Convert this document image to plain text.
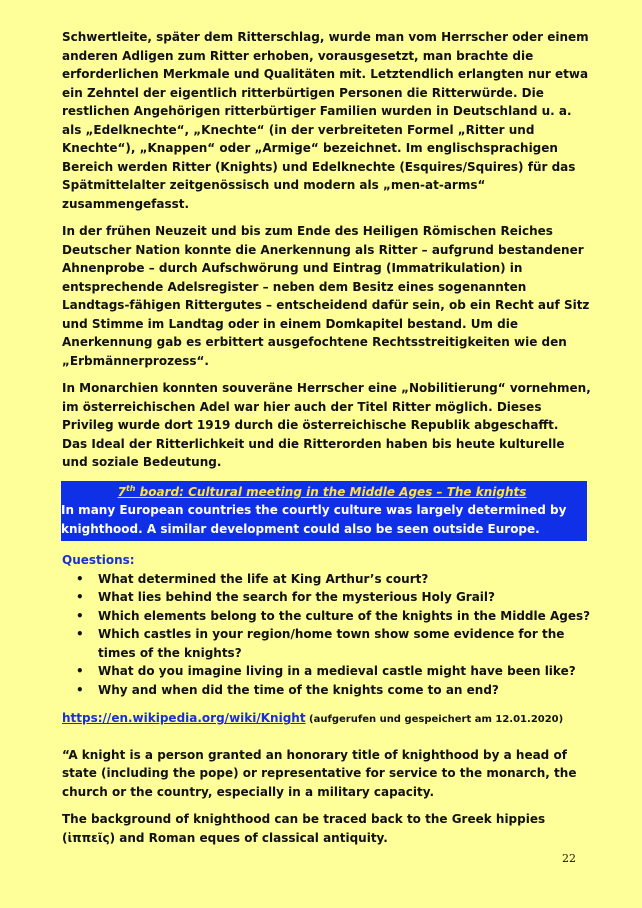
Schwertleite, später dem Ritterschlag, wurde man vom Herrscher oder einem anderen Adligen zum Ritter erhoben, vorausgesetzt, man brachte die erforderlichen Merkmale und Qualitäten mit. Letztendlich erlangten nur etwa ein Zehntel der eigentlich ritterbürtigen Personen die Ritterwürde. Die restlichen Angehörigen ritterbürtiger Familien wurden in Deutschland u. a. als „Edelknechte“, „Knechte“ (in der verbreiteten Formel „Ritter und Knechte“), „Knappen“ oder „Armige“ bezeichnet. Im englischsprachigen Bereich werden Ritter (Knights) und Edelknechte (Esquires/Squires) für das Spätmittelalter zeitgenössisch und modern als „men-at-arms“ zusammengefasst.

In der frühen Neuzeit und bis zum Ende des Heiligen Römischen Reiches Deutscher Nation konnte die Anerkennung als Ritter – aufgrund bestandener Ahnenprobe – durch Aufschwörung und Eintrag (Immatrikulation) in entsprechende Adelsregister – neben dem Besitz eines sogenannten Landtags-fähigen Rittergutes – entscheidend dafür sein, ob ein Recht auf Sitz und Stimme im Landtag oder in einem Domkapitel bestand. Um die Anerkennung gab es erbittert ausgefochtene Rechtsstreitigkeiten wie den „Erbmännerprozess“.

In Monarchien konnten souveräne Herrscher eine „Nobilitierung“ vornehmen, im österreichischen Adel war hier auch der Titel Ritter möglich. Dieses Privileg wurde dort 1919 durch die österreichische Republik abgeschafft.
Das Ideal der Ritterlichkeit und die Ritterorden haben bis heute kulturelle und soziale Bedeutung.

7th board: Cultural meeting in the Middle Ages – The knights
In many European countries the courtly culture was largely determined by knighthood. A similar development could also be seen outside Europe.
Questions:
• What determined the life at King Arthur’s court?
• What lies behind the search for the mysterious Holy Grail?
• Which elements belong to the culture of the knights in the Middle Ages?
• Which castles in your region/home town show some evidence for the times of the knights?
• What do you imagine living in a medieval castle might have been like?
• Why and when did the time of the knights come to an end?

https://en.wikipedia.org/wiki/Knight (aufgerufen und gespeichert am 12.01.2020)

“A knight is a person granted an honorary title of knighthood by a head of state (including the pope) or representative for service to the monarch, the church or the country, especially in a military capacity.

The background of knighthood can be traced back to the Greek hippies (ἱππεῖς) and Roman eques of classical antiquity.

22
